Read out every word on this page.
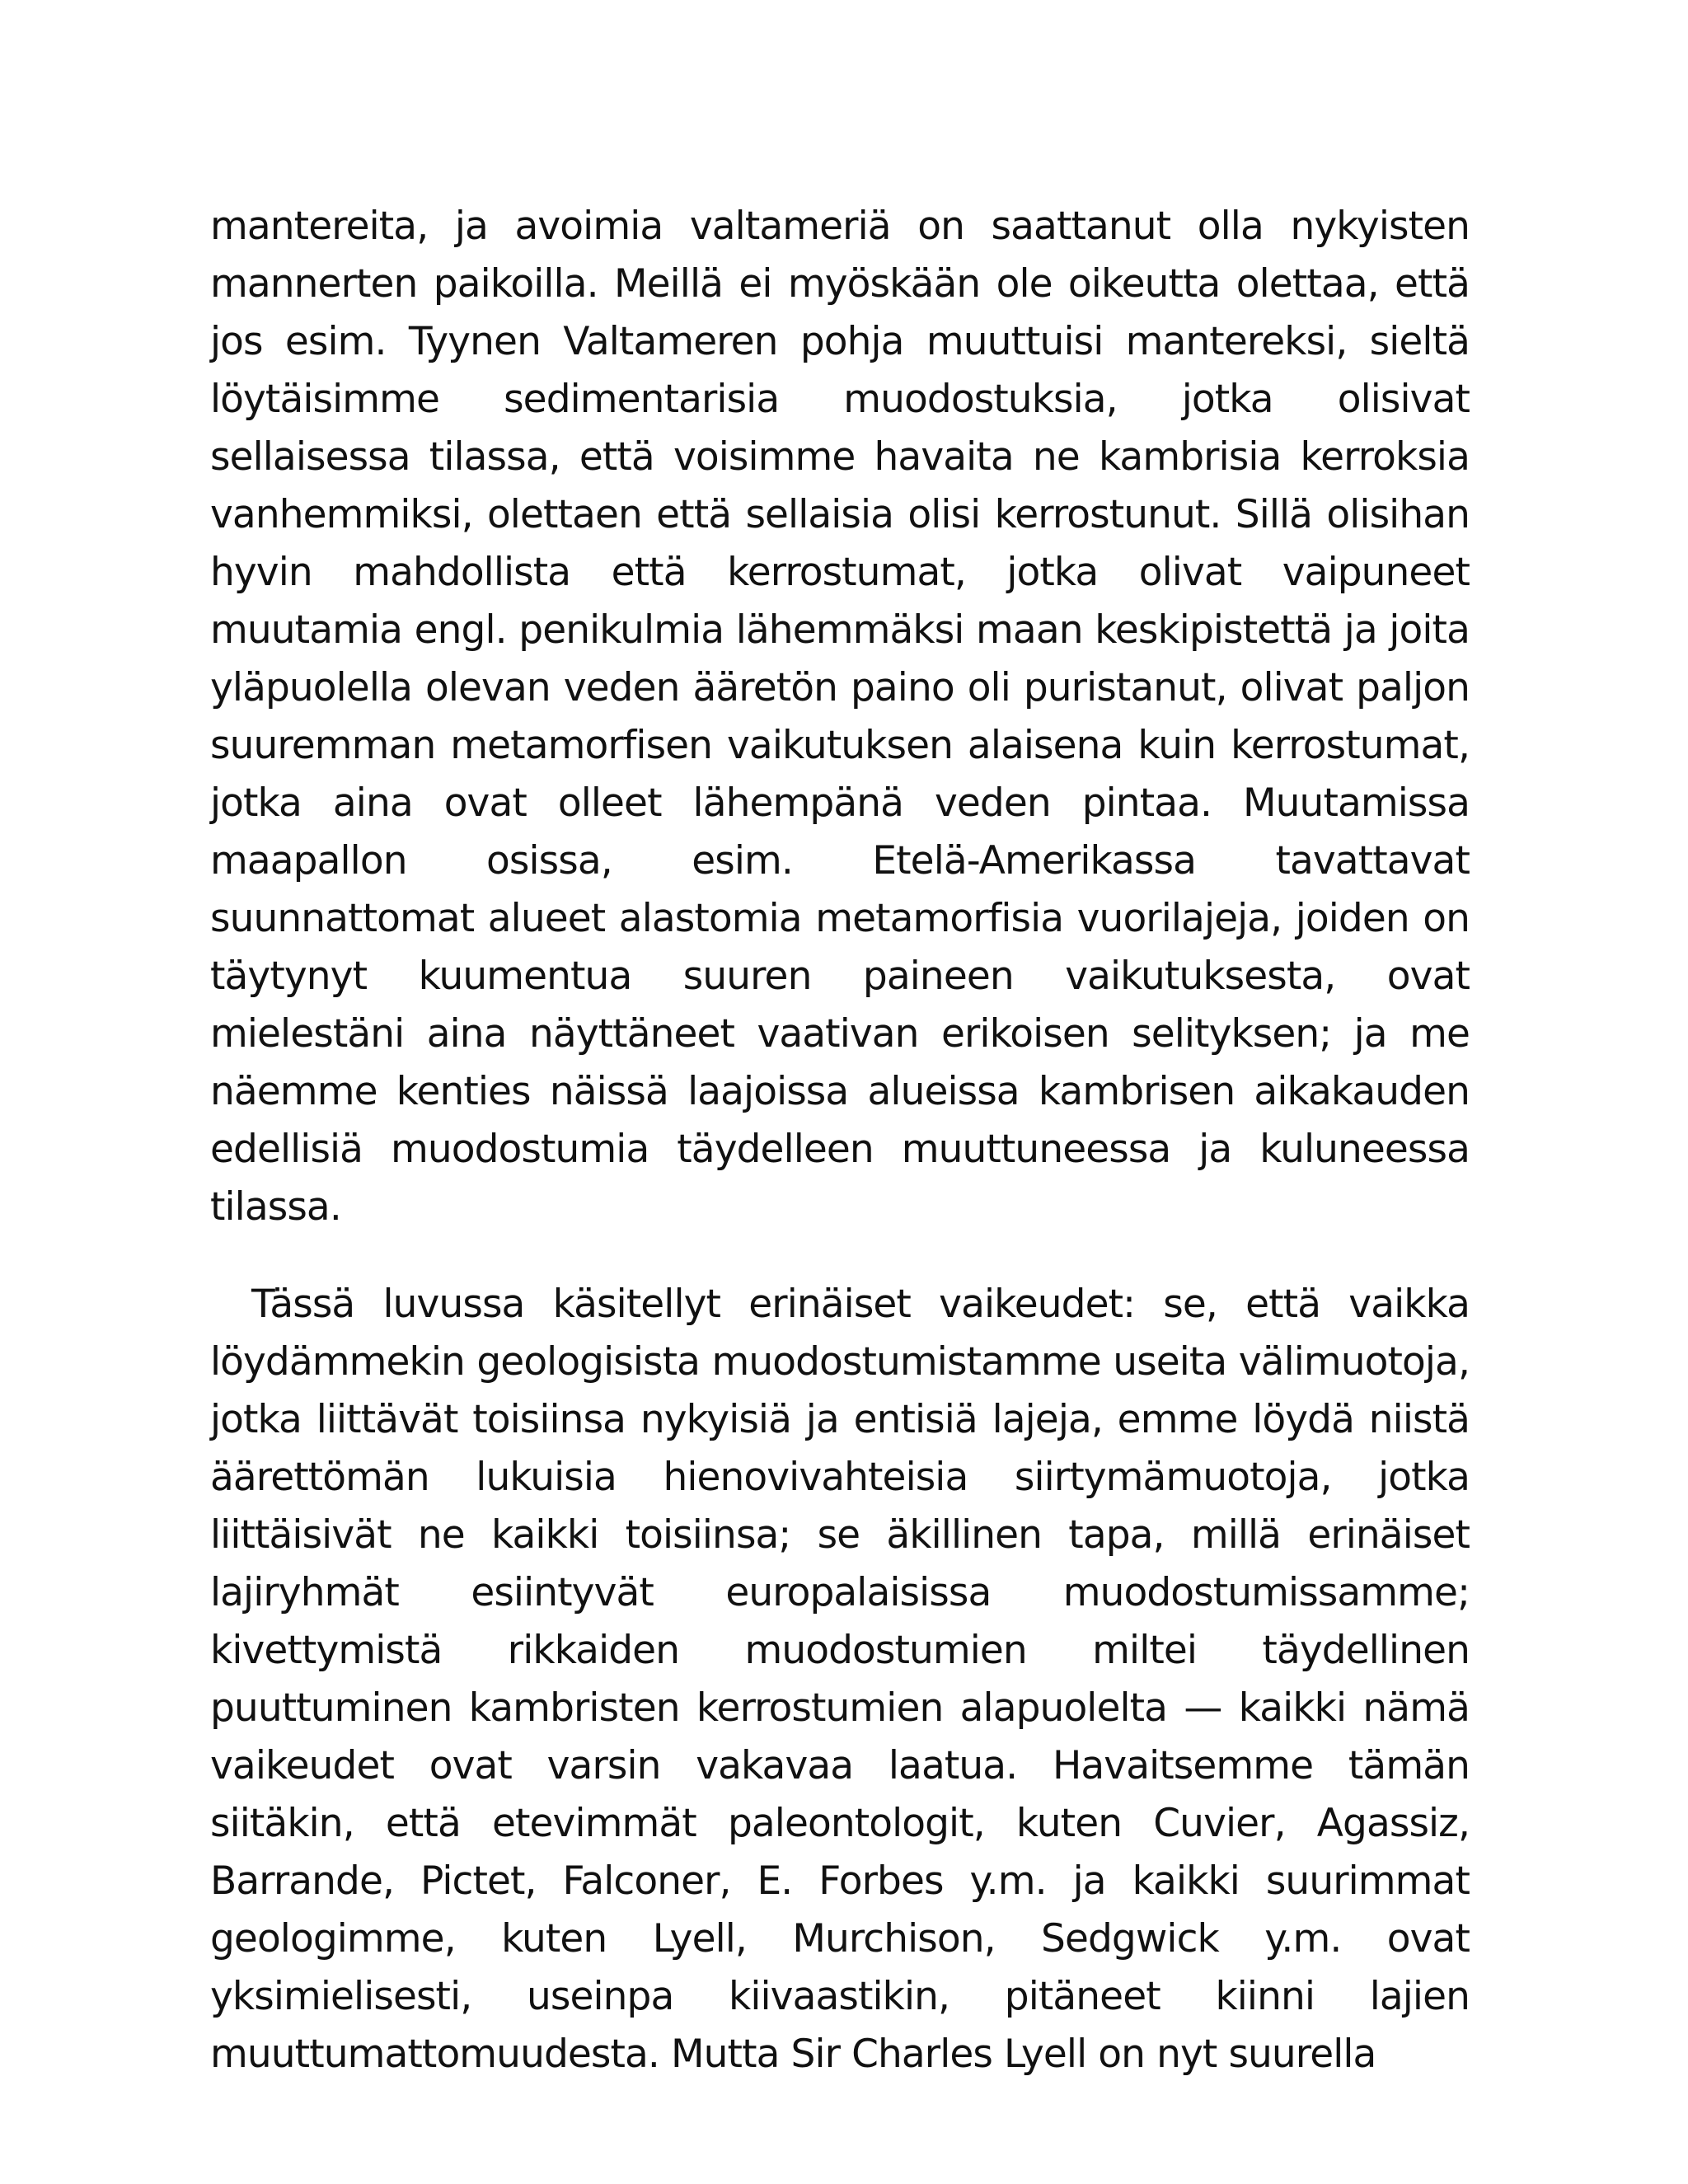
mantereita, ja avoimia valtameriä on saattanut olla nykyisten mannerten paikoilla. Meillä ei myöskään ole oikeutta olettaa, että jos esim. Tyynen Valtameren pohja muuttuisi mantereksi, sieltä löytäisimme sedimentarisia muodostuksia, jotka olisivat sellaisessa tilassa, että voisimme havaita ne kambrisia kerroksia vanhemmiksi, olettaen että sellaisia olisi kerrostunut. Sillä olisihan hyvin mahdollista että kerrostumat, jotka olivat vaipuneet muutamia engl. penikulmia lähemmäksi maan keskipistettä ja joita yläpuolella olevan veden ääretön paino oli puristanut, olivat paljon suuremman metamorfisen vaikutuksen alaisena kuin kerrostumat, jotka aina ovat olleet lähempänä veden pintaa. Muutamissa maapallon osissa, esim. Etelä-Amerikassa tavattavat suunnattomat alueet alastomia metamorfisia vuorilajeja, joiden on täytynyt kuumentua suuren paineen vaikutuksesta, ovat mielestäni aina näyttäneet vaativan erikoisen selityksen; ja me näemme kenties näissä laajoissa alueissa kambrisen aikakauden edellisiä muodostumia täydelleen muuttuneessa ja kuluneessa tilassa.

Tässä luvussa käsitellyt erinäiset vaikeudet: se, että vaikka löydämmekin geologisista muodostumistamme useita välimuotoja, jotka liittävät toisiinsa nykyisiä ja entisiä lajeja, emme löydä niistä äärettömän lukuisia hienovivahteisia siirtymämuotoja, jotka liittäisivät ne kaikki toisiinsa; se äkillinen tapa, millä erinäiset lajiryhmät esiintyvät europalaisissa muodostumissamme; kivettymistä rikkaiden muodostumien miltei täydellinen puuttuminen kambristen kerrostumien alapuolelta — kaikki nämä vaikeudet ovat varsin vakavaa laatua. Havaitsemme tämän siitäkin, että etevimmät paleontologit, kuten Cuvier, Agassiz, Barrande, Pictet, Falconer, E. Forbes y.m. ja kaikki suurimmat geologimme, kuten Lyell, Murchison, Sedgwick y.m. ovat yksimielisesti, useinpa kiivaastikin, pitäneet kiinni lajien muuttumattomuudesta. Mutta Sir Charles Lyell on nyt suurella
